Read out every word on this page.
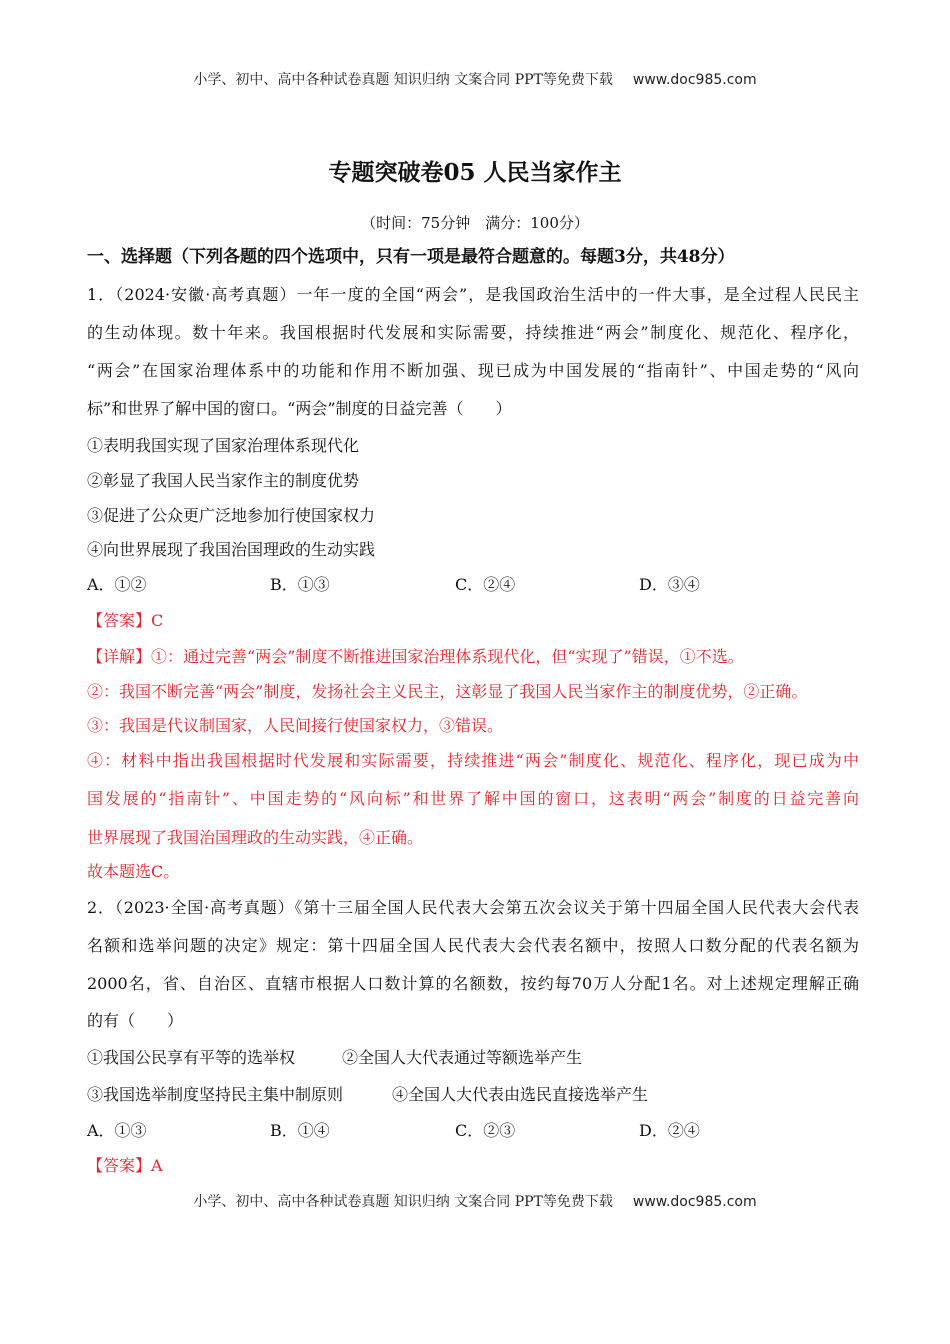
小学、初中、高中各种试卷真题 知识归纳 文案合同 PPT等免费下载 www.doc985.com
专题突破卷05 人民当家作主
（时间：75分钟　满分：100分）
一、选择题（下列各题的四个选项中，只有一项是最符合题意的。每题3分，共48分）
1．（2024·安徽·高考真题）一年一度的全国“两会”，是我国政治生活中的一件大事，是全过程人民民主
的生动体现。数十年来。我国根据时代发展和实际需要，持续推进“两会”制度化、规范化、程序化，
“两会”在国家治理体系中的功能和作用不断加强、现已成为中国发展的“指南针”、中国走势的“风向
标”和世界了解中国的窗口。“两会”制度的日益完善（　　）
①表明我国实现了国家治理体系现代化
②彰显了我国人民当家作主的制度优势
③促进了公众更广泛地参加行使国家权力
④向世界展现了我国治国理政的生动实践
A．①②	B．①③	C．②④	D．③④
【答案】C
【详解】①：通过完善“两会”制度不断推进国家治理体系现代化，但“实现了”错误，①不选。
②：我国不断完善“两会”制度，发扬社会主义民主，这彰显了我国人民当家作主的制度优势，②正确。
③：我国是代议制国家，人民间接行使国家权力，③错误。
④：材料中指出我国根据时代发展和实际需要，持续推进“两会”制度化、规范化、程序化，现已成为中
国发展的“指南针”、中国走势的“风向标”和世界了解中国的窗口，这表明“两会”制度的日益完善向
世界展现了我国治国理政的生动实践，④正确。
故本题选C。
2．（2023·全国·高考真题）《第十三届全国人民代表大会第五次会议关于第十四届全国人民代表大会代表
名额和选举问题的决定》规定：第十四届全国人民代表大会代表名额中，按照人口数分配的代表名额为
2000名，省、自治区、直辖市根据人口数计算的名额数，按约每70万人分配1名。对上述规定理解正确
的有（　　）
①我国公民享有平等的选举权	②全国人大代表通过等额选举产生
③我国选举制度坚持民主集中制原则	④全国人大代表由选民直接选举产生
A．①③	B．①④	C．②③	D．②④
【答案】A
小学、初中、高中各种试卷真题 知识归纳 文案合同 PPT等免费下载 www.doc985.com
